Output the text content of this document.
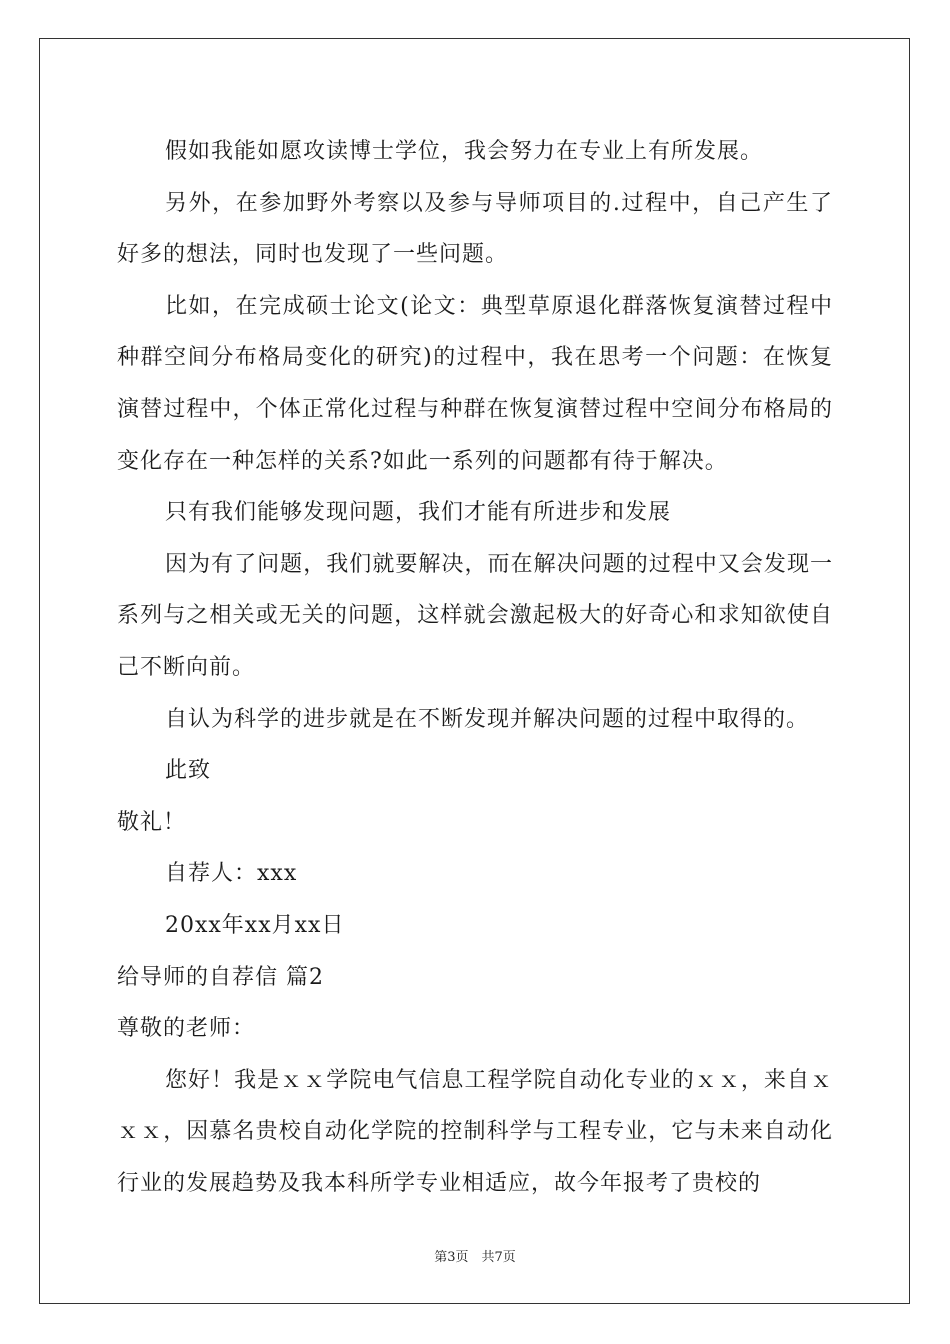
假如我能如愿攻读博士学位，我会努力在专业上有所发展。

另外，在参加野外考察以及参与导师项目的.过程中，自己产生了好多的想法，同时也发现了一些问题。

比如，在完成硕士论文(论文：典型草原退化群落恢复演替过程中种群空间分布格局变化的研究)的过程中，我在思考一个问题：在恢复演替过程中，个体正常化过程与种群在恢复演替过程中空间分布格局的变化存在一种怎样的关系?如此一系列的问题都有待于解决。

只有我们能够发现问题，我们才能有所进步和发展

因为有了问题，我们就要解决，而在解决问题的过程中又会发现一系列与之相关或无关的问题，这样就会激起极大的好奇心和求知欲使自己不断向前。

自认为科学的进步就是在不断发现并解决问题的过程中取得的。

此致

敬礼！

自荐人：xxx

20xx年xx月xx日

给导师的自荐信 篇2

尊敬的老师：

您好！我是ｘｘ学院电气信息工程学院自动化专业的ｘｘ，来自ｘｘｘ，因慕名贵校自动化学院的控制科学与工程专业，它与未来自动化行业的发展趋势及我本科所学专业相适应，故今年报考了贵校的

第3页　共7页
